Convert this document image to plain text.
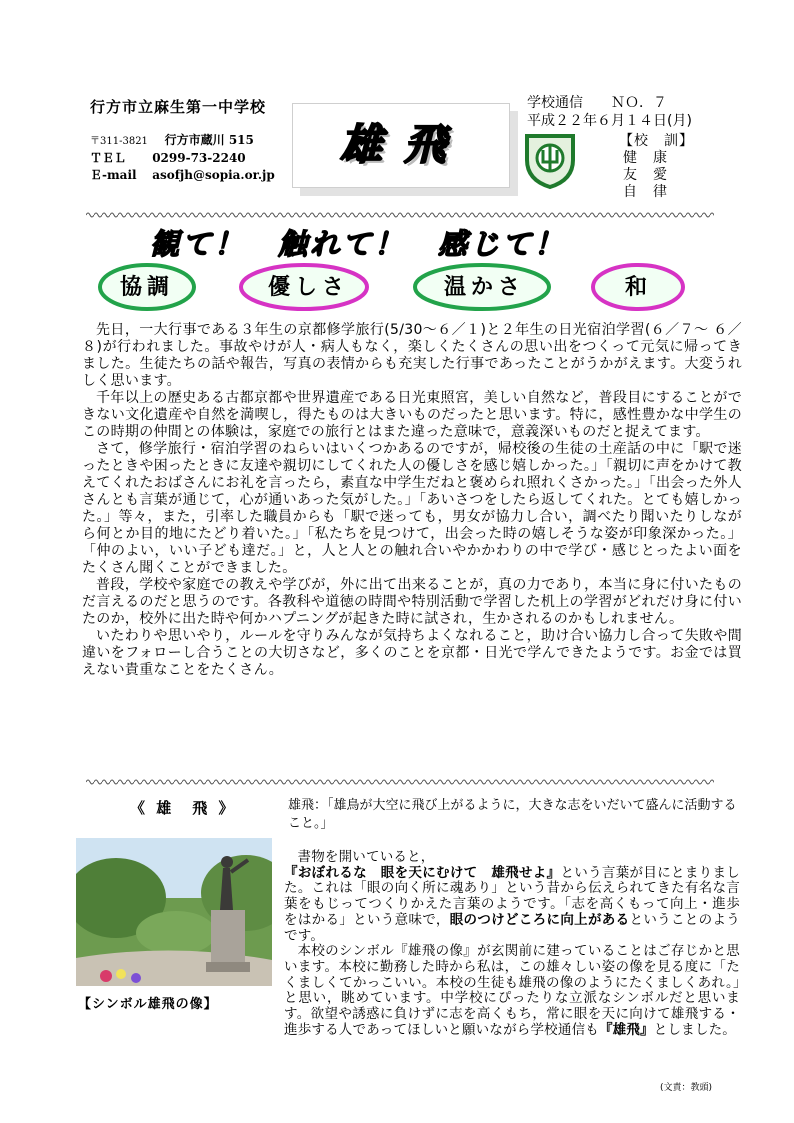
行方市立麻生第一中学校
〒311-3821 行方市蔵川 515
ＴＥＬ 0299-73-2240
Ｅ-mail asofjh@sopia.or.jp
雄飛
学校通信　　ＮＯ．７
平成２２年６月１４日(月)
【校　訓】
健　康
友　愛
自　律
観て！　触れて！　感じて！
協調	優しさ	温かさ	和

先日，一大行事である３年生の京都修学旅行(5/30～６／１)と２年生の日光宿泊学習(６／７～ ６／８)が行われました。事故やけが人・病人もなく，楽しくたくさんの思い出をつくって元気に帰ってきました。生徒たちの話や報告，写真の表情からも充実した行事であったことがうかがえます。大変うれしく思います。

千年以上の歴史ある古都京都や世界遺産である日光東照宮，美しい自然など，普段目にすることができない文化遺産や自然を満喫し，得たものは大きいものだったと思います。特に，感性豊かな中学生のこの時期の仲間との体験は，家庭での旅行とはまた違った意味で，意義深いものだと捉えてます。

さて，修学旅行・宿泊学習のねらいはいくつかあるのですが，帰校後の生徒の土産話の中に「駅で迷ったときや困ったときに友達や親切にしてくれた人の優しさを感じ嬉しかった。」「親切に声をかけて教えてくれたおばさんにお礼を言ったら，素直な中学生だねと褒められ照れくさかった。」「出会った外人さんとも言葉が通じて，心が通いあった気がした。」「あいさつをしたら返してくれた。とても嬉しかった。」等々，また，引率した職員からも「駅で迷っても，男女が協力し合い，調べたり聞いたりしながら何とか目的地にたどり着いた。」「私たちを見つけて，出会った時の嬉しそうな姿が印象深かった。」「仲のよい，いい子ども達だ。」と，人と人との触れ合いやかかわりの中で学び・感じとったよい面をたくさん聞くことができました。

普段，学校や家庭での教えや学びが，外に出て出来ることが，真の力であり，本当に身に付いたものだ言えるのだと思うのです。各教科や道徳の時間や特別活動で学習した机上の学習がどれだけ身に付いたのか，校外に出た時や何かハプニングが起きた時に試され，生かされるのかもしれません。

いたわりや思いやり，ルールを守りみんなが気持ちよくなれること，助け合い協力し合って失敗や間違いをフォローし合うことの大切さなど，多くのことを京都・日光で学んできたようです。お金では買えない貴重なことをたくさん。

《 雄　飛 》	雄飛：「雄鳥が大空に飛び上がるように，大きな志をいだいて盛んに活動すること。」
【シンボル雄飛の像】

書物を開いていると，
『おぼれるな　眼を天にむけて　雄飛せよ』という言葉が目にとまりました。これは「眼の向く所に魂あり」という昔から伝えられてきた有名な言葉をもじってつくりかえた言葉のようです。「志を高くもって向上・進歩をはかる」という意味で，眼のつけどころに向上があるということのようです。

本校のシンボル『雄飛の像』が玄関前に建っていることはご存じかと思います。本校に勤務した時から私は，この雄々しい姿の像を見る度に「たくましくてかっこいい。本校の生徒も雄飛の像のようにたくましくあれ。」と思い，眺めています。中学校にぴったりな立派なシンボルだと思います。欲望や誘惑に負けずに志を高くもち，常に眼を天に向けて雄飛する・進歩する人であってほしいと願いながら学校通信も『雄飛』としました。

(文責：教頭)
